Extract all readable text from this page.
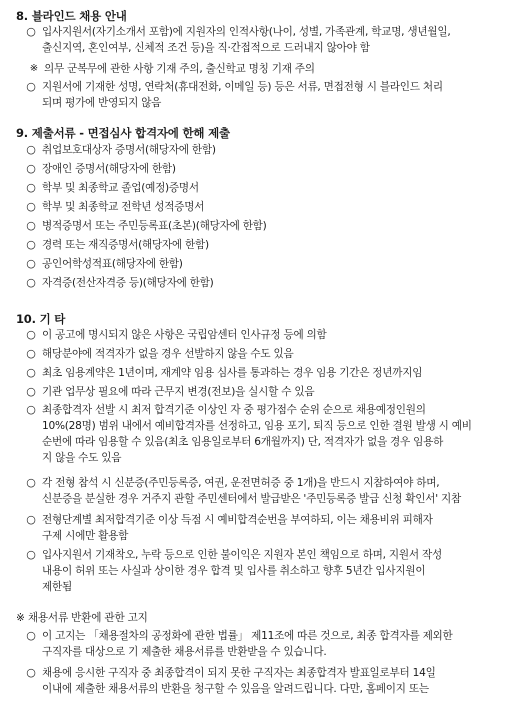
8. 블라인드 채용 안내
○ 입사지원서(자기소개서 포함)에 지원자의 인적사항(나이, 성별, 가족관계, 학교명, 생년월일,
출신지역, 혼인여부, 신체적 조건 등)을 직·간접적으로 드러내지 않아야 함
※ 의무 군복무에 관한 사항 기재 주의, 출신학교 명칭 기재 주의
○ 지원서에 기재한 성명, 연락처(휴대전화, 이메일 등) 등은 서류, 면접전형 시 블라인드 처리
되며 평가에 반영되지 않음
9. 제출서류 - 면접심사 합격자에 한해 제출
○ 취업보호대상자 증명서(해당자에 한함)
○ 장애인 증명서(해당자에 한함)
○ 학부 및 최종학교 졸업(예정)증명서
○ 학부 및 최종학교 전학년 성적증명서
○ 병적증명서 또는 주민등록표(초본)(해당자에 한함)
○ 경력 또는 재직증명서(해당자에 한함)
○ 공인어학성적표(해당자에 한함)
○ 자격증(전산자격증 등)(해당자에 한함)
10. 기 타
○ 이 공고에 명시되지 않은 사항은 국립암센터 인사규정 등에 의함
○ 해당분야에 적격자가 없을 경우 선발하지 않을 수도 있음
○ 최초 임용계약은 1년이며, 재계약 임용 심사를 통과하는 경우 임용 기간은 정년까지임
○ 기관 업무상 필요에 따라 근무지 변경(전보)을 실시할 수 있음
○ 최종합격자 선발 시 최저 합격기준 이상인 자 중 평가점수 순위 순으로 채용예정인원의
10%(28명) 범위 내에서 예비합격자를 선정하고, 임용 포기, 퇴직 등으로 인한 결원 발생 시 예비
순번에 따라 임용할 수 있음(최초 임용일로부터 6개월까지) 단, 적격자가 없을 경우 임용하
지 않을 수도 있음
○ 각 전형 참석 시 신분증(주민등록증, 여권, 운전면허증 중 1개)을 반드시 지참하여야 하며,
신분증을 분실한 경우 거주지 관할 주민센터에서 발급받은 '주민등록증 발급 신청 확인서' 지참
○ 전형단계별 최저합격기준 이상 득점 시 예비합격순번을 부여하되, 이는 채용비위 피해자
구제 시에만 활용함
○ 입사지원서 기재착오, 누락 등으로 인한 불이익은 지원자 본인 책임으로 하며, 지원서 작성
내용이 허위 또는 사실과 상이한 경우 합격 및 입사를 취소하고 향후 5년간 입사지원이
제한됨
※ 채용서류 반환에 관한 고지
○ 이 고지는 「채용절차의 공정화에 관한 법률」 제11조에 따른 것으로, 최종 합격자를 제외한
구직자를 대상으로 기 제출한 채용서류를 반환받을 수 있습니다.
○ 채용에 응시한 구직자 중 최종합격이 되지 못한 구직자는 최종합격자 발표일로부터 14일
이내에 제출한 채용서류의 반환을 청구할 수 있음을 알려드립니다. 다만, 홈페이지 또는
